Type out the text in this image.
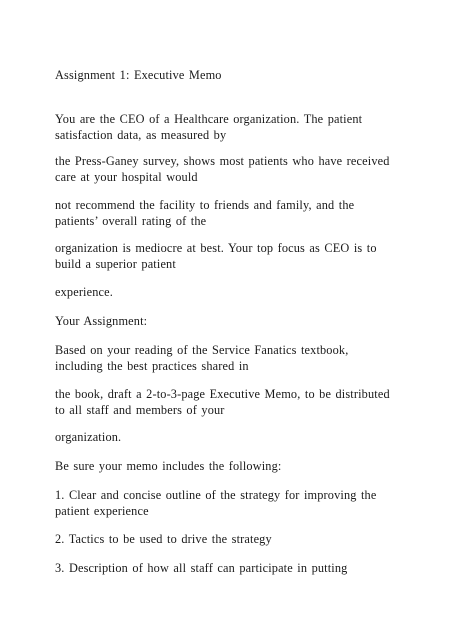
Assignment 1: Executive Memo

You are the CEO of a Healthcare organization. The patient
satisfaction data, as measured by

the Press-Ganey survey, shows most patients who have received
care at your hospital would

not recommend the facility to friends and family, and the
patients’ overall rating of the

organization is mediocre at best. Your top focus as CEO is to
build a superior patient

experience.

Your Assignment:

Based on your reading of the Service Fanatics textbook,
including the best practices shared in

the book, draft a 2-to-3-page Executive Memo, to be distributed
to all staff and members of your

organization.

Be sure your memo includes the following:

1. Clear and concise outline of the strategy for improving the
patient experience

2. Tactics to be used to drive the strategy

3. Description of how all staff can participate in putting
